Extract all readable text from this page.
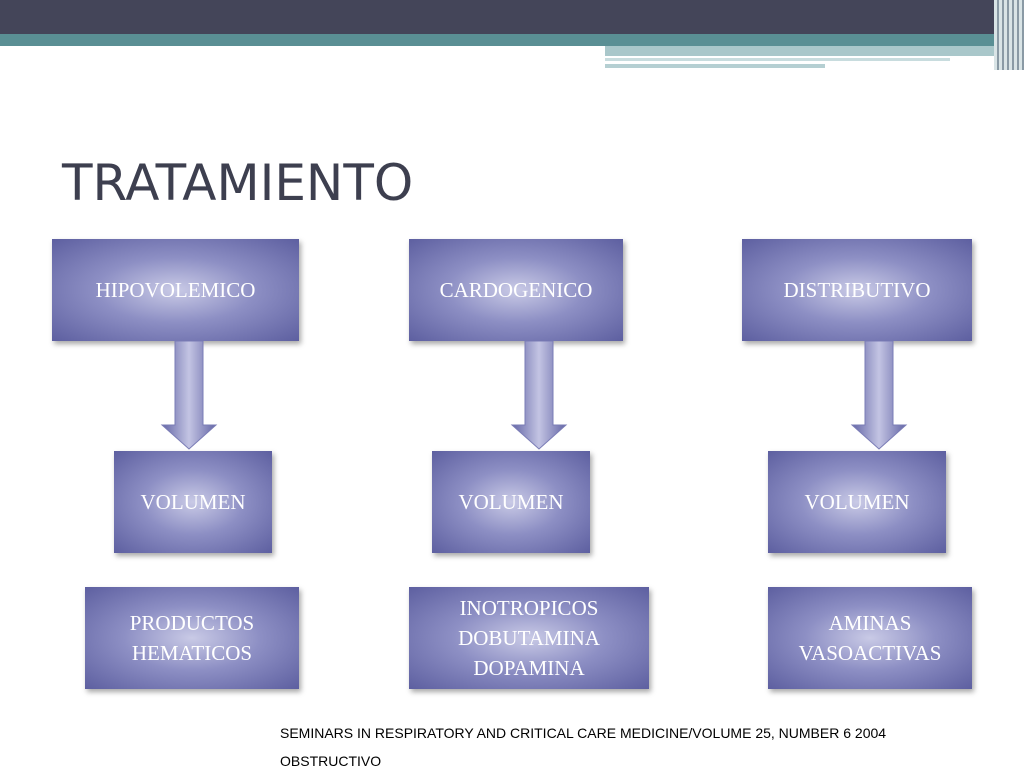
TRATAMIENTO
HIPOVOLEMICO
VOLUMEN
PRODUCTOS
HEMATICOS
CARDOGENICO
VOLUMEN
INOTROPICOS
DOBUTAMINA
DOPAMINA
DISTRIBUTIVO
VOLUMEN
AMINAS
VASOACTIVAS
SEMINARS IN RESPIRATORY AND CRITICAL CARE MEDICINE/VOLUME 25, NUMBER 6 2004
OBSTRUCTIVO
